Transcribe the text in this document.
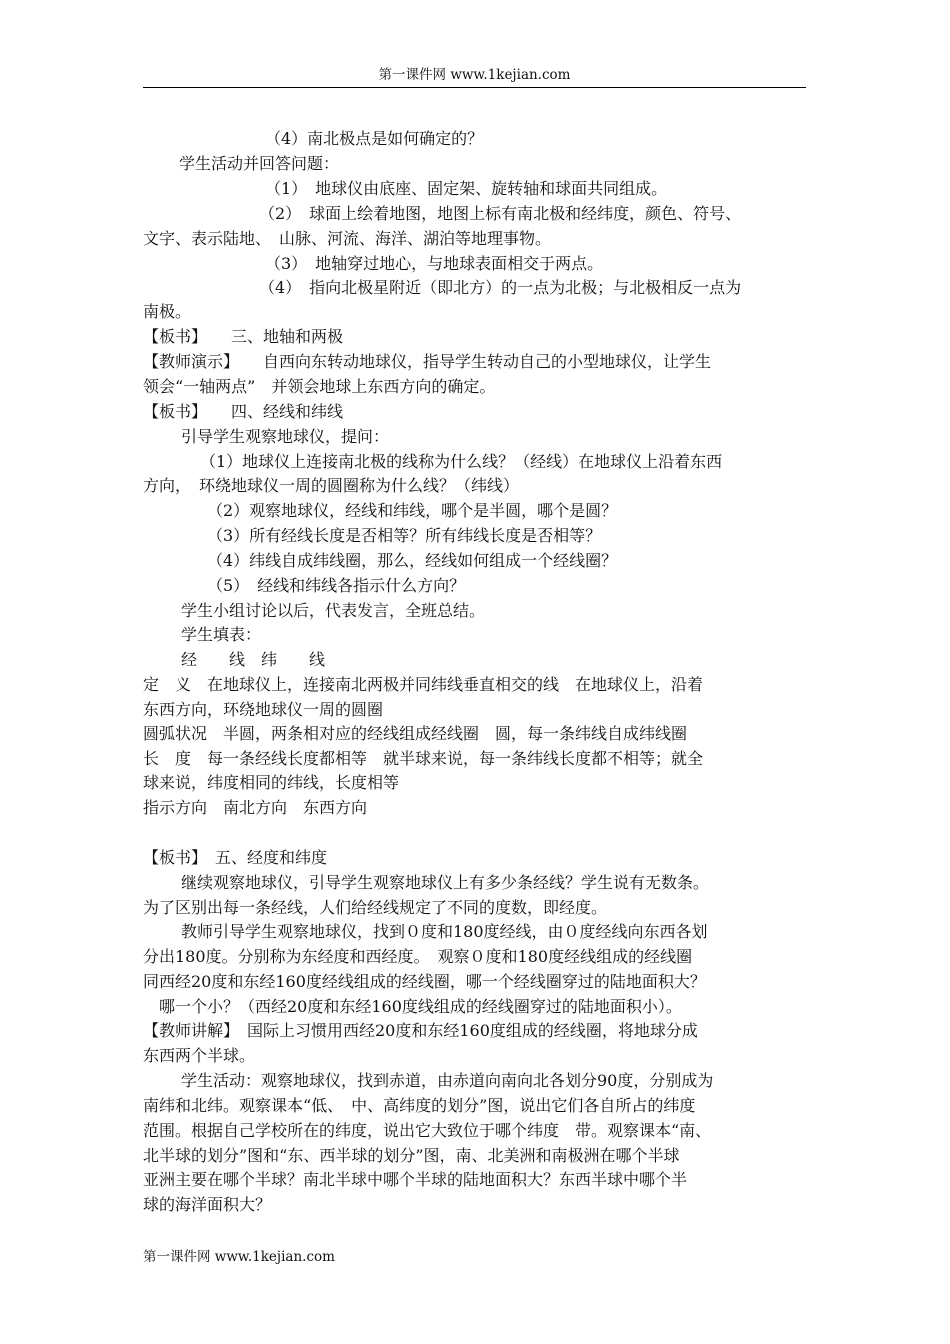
第一课件网 www.1kejian.com
（4）南北极点是如何确定的？
学生活动并回答问题：
（1）　地球仪由底座、固定架、旋转轴和球面共同组成。
（2）　球面上绘着地图，地图上标有南北极和经纬度，颜色、符号、
文字、表示陆地、　山脉、河流、海洋、湖泊等地理事物。
（3）　地轴穿过地心，与地球表面相交于两点。
（4）　指向北极星附近（即北方）的一点为北极；与北极相反一点为
南极。
【板书】　　三、地轴和两极
【教师演示】　　自西向东转动地球仪，指导学生转动自己的小型地球仪，让学生
领会“一轴两点”　并领会地球上东西方向的确定。
【板书】　　四、经线和纬线
引导学生观察地球仪，提问：
（1）地球仪上连接南北极的线称为什么线？（经线）在地球仪上沿着东西
方向，　环绕地球仪一周的圆圈称为什么线？（纬线）
（2）观察地球仪，经线和纬线，哪个是半圆，哪个是圆？
（3）所有经线长度是否相等？所有纬线长度是否相等？
（4）纬线自成纬线圈，那么，经线如何组成一个经线圈？
（5）　经线和纬线各指示什么方向？
学生小组讨论以后，代表发言，全班总结。
学生填表：
经　　线　纬　　线
定　义　在地球仪上，连接南北两极并同纬线垂直相交的线　在地球仪上，沿着
东西方向，环绕地球仪一周的圆圈
圆弧状况　半圆，两条相对应的经线组成经线圈　圆，每一条纬线自成纬线圈
长　度　每一条经线长度都相等　就半球来说，每一条纬线长度都不相等；就全
球来说，纬度相同的纬线，长度相等
指示方向　南北方向　东西方向
【板书】　五、经度和纬度
继续观察地球仪，引导学生观察地球仪上有多少条经线？学生说有无数条。
为了区别出每一条经线，人们给经线规定了不同的度数，即经度。
教师引导学生观察地球仪，找到０度和180度经线，由０度经线向东西各划
分出180度。分别称为东经度和西经度。　观察０度和180度经线组成的经线圈
同西经20度和东经160度经线组成的经线圈，哪一个经线圈穿过的陆地面积大？
哪一个小？（西经20度和东经160度线组成的经线圈穿过的陆地面积小）。
【教师讲解】　国际上习惯用西经20度和东经160度组成的经线圈，将地球分成
东西两个半球。
学生活动：观察地球仪，找到赤道，由赤道向南向北各划分90度，分别成为
南纬和北纬。观察课本“低、　中、高纬度的划分”图，说出它们各自所占的纬度
范围。根据自己学校所在的纬度，说出它大致位于哪个纬度　带。观察课本“南、
北半球的划分”图和“东、西半球的划分”图，南、北美洲和南极洲在哪个半球
亚洲主要在哪个半球？南北半球中哪个半球的陆地面积大？东西半球中哪个半
球的海洋面积大？
第一课件网 www.1kejian.com
